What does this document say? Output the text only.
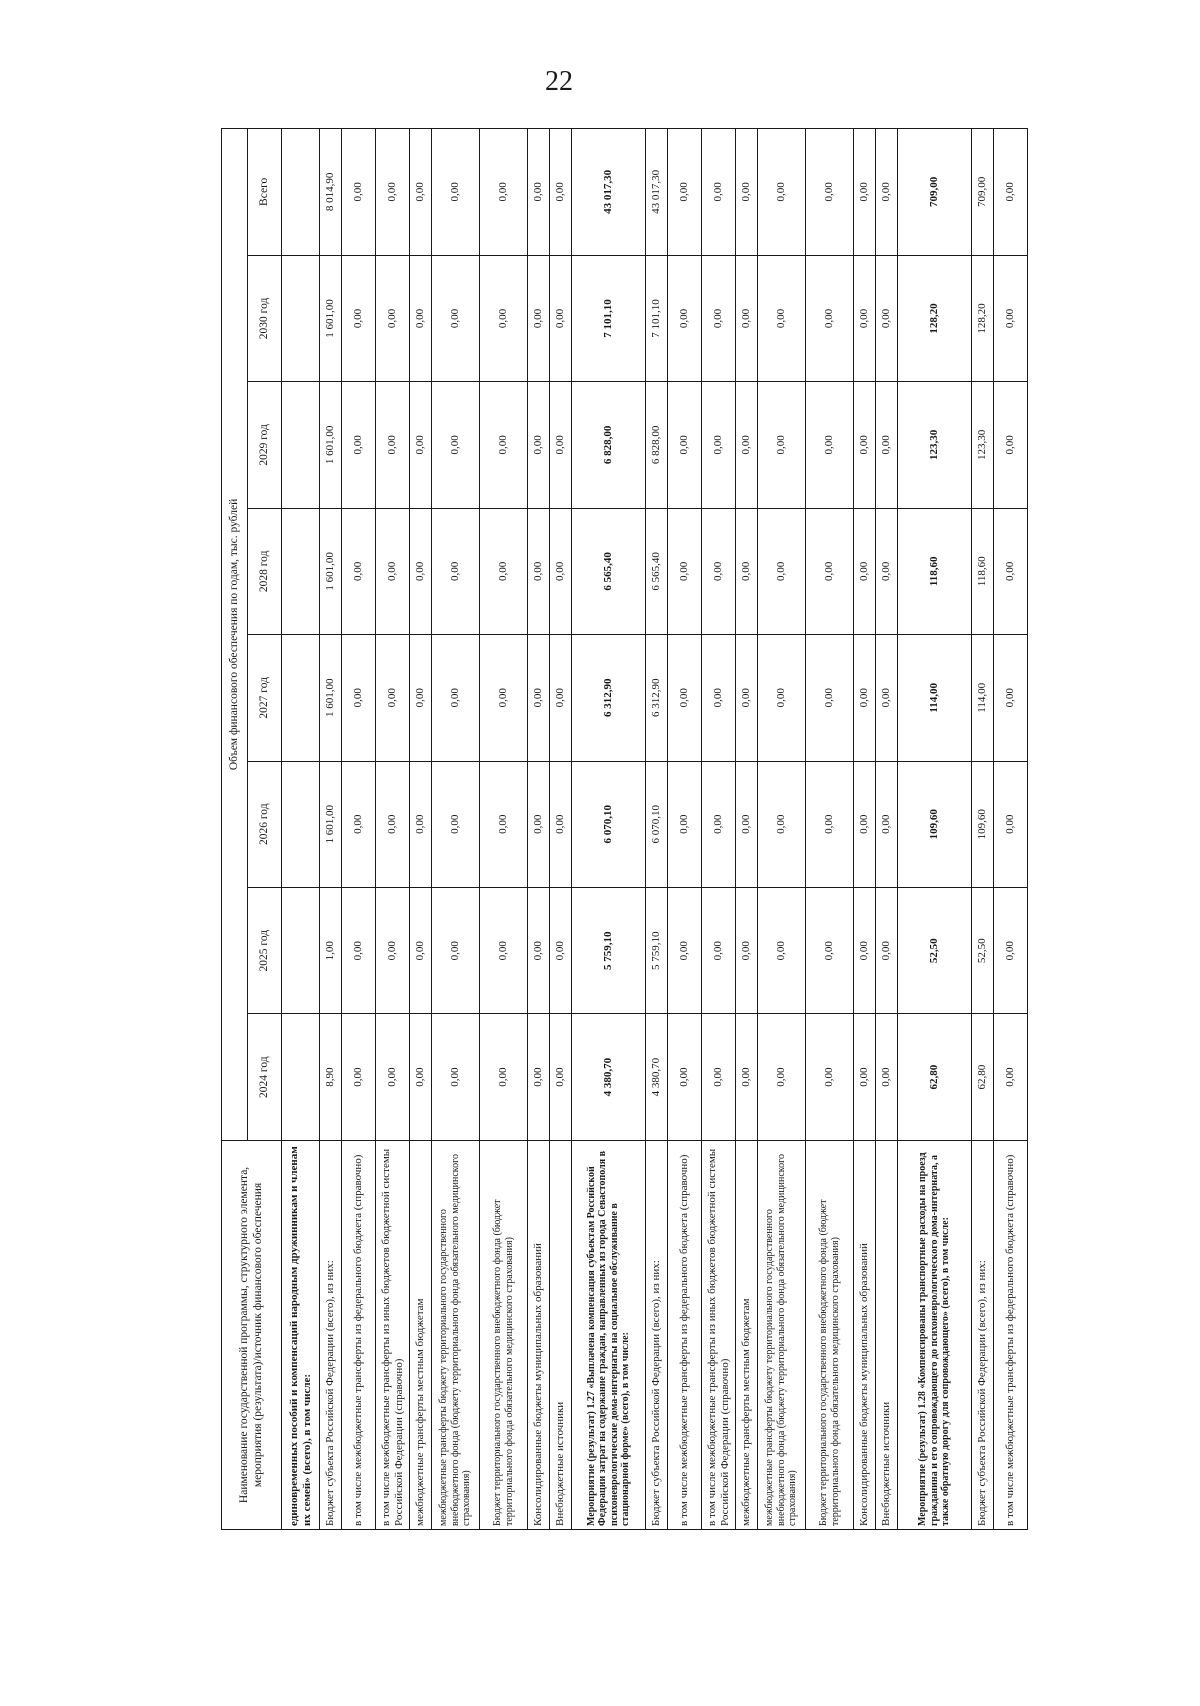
22
Наименование государственной программы, структурного элемента, мероприятия (результата)/источник финансового обеспечения	Объем финансового обеспечения по годам, тыс. рублей							
	2024 год	2025 год	2026 год	2027 год	2028 год	2029 год	2030 год	Всего
единовременных пособий и компенсаций народным дружинникам и членам их семей» (всего), в том числе:								
Бюджет субъекта Российской Федерации (всего), из них:	8,90	1,00	1 601,00	1 601,00	1 601,00	1 601,00	1 601,00	8 014,90
в том числе межбюджетные трансферты из федерального бюджета (справочно)	0,00	0,00	0,00	0,00	0,00	0,00	0,00	0,00
в том числе межбюджетные трансферты из иных бюджетов бюджетной системы Российской Федерации (справочно)	0,00	0,00	0,00	0,00	0,00	0,00	0,00	0,00
межбюджетные трансферты местным бюджетам	0,00	0,00	0,00	0,00	0,00	0,00	0,00	0,00
межбюджетные трансферты бюджету территориального государственного внебюджетного фонда (бюджету территориального фонда обязательного медицинского страхования)	0,00	0,00	0,00	0,00	0,00	0,00	0,00	0,00
Бюджет территориального государственного внебюджетного фонда (бюджет территориального фонда обязательного медицинского страхования)	0,00	0,00	0,00	0,00	0,00	0,00	0,00	0,00
Консолидированные бюджеты муниципальных образований	0,00	0,00	0,00	0,00	0,00	0,00	0,00	0,00
Внебюджетные источники	0,00	0,00	0,00	0,00	0,00	0,00	0,00	0,00
Мероприятие (результат) 1.27 «Выплачена компенсация субъектам Российской Федерации затрат на содержание граждан, направленных из города Севастополя в психоневрологические дома-интернаты на социальное обслуживание в стационарной форме» (всего), в том числе:	4 380,70	5 759,10	6 070,10	6 312,90	6 565,40	6 828,00	7 101,10	43 017,30
Бюджет субъекта Российской Федерации (всего), из них:	4 380,70	5 759,10	6 070,10	6 312,90	6 565,40	6 828,00	7 101,10	43 017,30
в том числе межбюджетные трансферты из федерального бюджета (справочно)	0,00	0,00	0,00	0,00	0,00	0,00	0,00	0,00
в том числе межбюджетные трансферты из иных бюджетов бюджетной системы Российской Федерации (справочно)	0,00	0,00	0,00	0,00	0,00	0,00	0,00	0,00
межбюджетные трансферты местным бюджетам	0,00	0,00	0,00	0,00	0,00	0,00	0,00	0,00
межбюджетные трансферты бюджету территориального государственного внебюджетного фонда (бюджету территориального фонда обязательного медицинского страхования)	0,00	0,00	0,00	0,00	0,00	0,00	0,00	0,00
Бюджет территориального государственного внебюджетного фонда (бюджет территориального фонда обязательного медицинского страхования)	0,00	0,00	0,00	0,00	0,00	0,00	0,00	0,00
Консолидированные бюджеты муниципальных образований	0,00	0,00	0,00	0,00	0,00	0,00	0,00	0,00
Внебюджетные источники	0,00	0,00	0,00	0,00	0,00	0,00	0,00	0,00
Мероприятие (результат) 1.28 «Компенсированы транспортные расходы на проезд гражданина и его сопровождающего до психоневрологического дома-интерната, а также обратную дорогу для сопровождающего» (всего), в том числе:	62,80	52,50	109,60	114,00	118,60	123,30	128,20	709,00
Бюджет субъекта Российской Федерации (всего), из них:	62,80	52,50	109,60	114,00	118,60	123,30	128,20	709,00
в том числе межбюджетные трансферты из федерального бюджета (справочно)	0,00	0,00	0,00	0,00	0,00	0,00	0,00	0,00
